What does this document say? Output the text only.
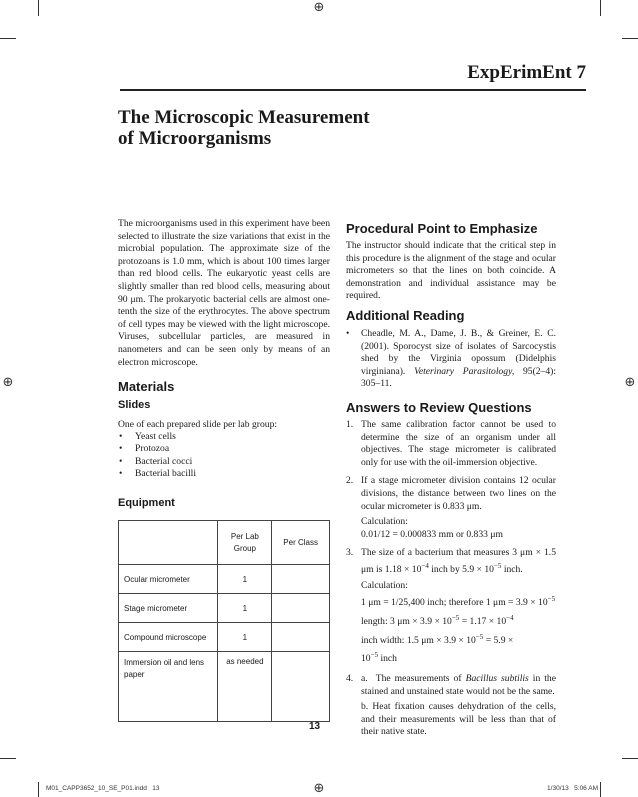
⊕
⊕	⊕
⊕
ExpErimEnt 7
The Microscopic Measurement
of Microorganisms
The microorganisms used in this experiment have been selected to illustrate the size variations that exist in the microbial population. The approximate size of the protozoans is 1.0 mm, which is about 100 times larger than red blood cells. The eukaryotic yeast cells are slightly smaller than red blood cells, measuring about 90 μm. The prokaryotic bacterial cells are almost one-tenth the size of the erythrocytes. The above spectrum of cell types may be viewed with the light microscope. Viruses, subcellular particles, are measured in nanometers and can be seen only by means of an electron microscope.
Materials
Slides
One of each prepared slide per lab group:
• Yeast cells
• Protozoa
• Bacterial cocci
• Bacterial bacilli
Equipment
	Per Lab Group	Per Class
Ocular micrometer	1	
Stage micrometer	1	
Compound microscope	1	
Immersion oil and lens paper	as needed	
Procedural Point to Emphasize
The instructor should indicate that the critical step in this procedure is the alignment of the stage and ocular micrometers so that the lines on both coincide. A demonstration and individual assistance may be required.
Additional Reading
• Cheadle, M. A., Dame, J. B., & Greiner, E. C. (2001). Sporocyst size of isolates of Sarcocystis shed by the Virginia opossum (Didelphis virginiana). Veterinary Parasitology, 95(2–4): 305–11.
Answers to Review Questions
1. The same calibration factor cannot be used to determine the size of an organism under all objectives. The stage micrometer is calibrated only for use with the oil-immersion objective.
2. If a stage micrometer division contains 12 ocular divisions, the distance between two lines on the ocular micrometer is 0.833 μm.

Calculation:

0.01/12 = 0.000833 mm or 0.833 μm
3. The size of a bacterium that measures 3 μm × 1.5 μm is $1.18 \times 10^{-4}$ inch by $5.9 \times 10^{-5}$ inch.

Calculation:

1 μm = 1/25,400 inch; therefore 1 $\mu m = 3.9 \times 10^{-5}$
length: 3 $\mu m \times 3.9 \times 10^{-5} = 1.17 \times 10^{-4}$
inch width: 1.5 $\mu m \times 3.9 \times 10^{-5} = 5.9$ ×
$10^{-5}$ inch
4. a. The measurements of Bacillus subtilis in the stained and unstained state would not be the same.

b. Heat fixation causes dehydration of the cells, and their measurements will be less than that of their native state.

13
M01_CAPP3652_10_SE_P01.indd   13	1/30/13   5:06 AM
